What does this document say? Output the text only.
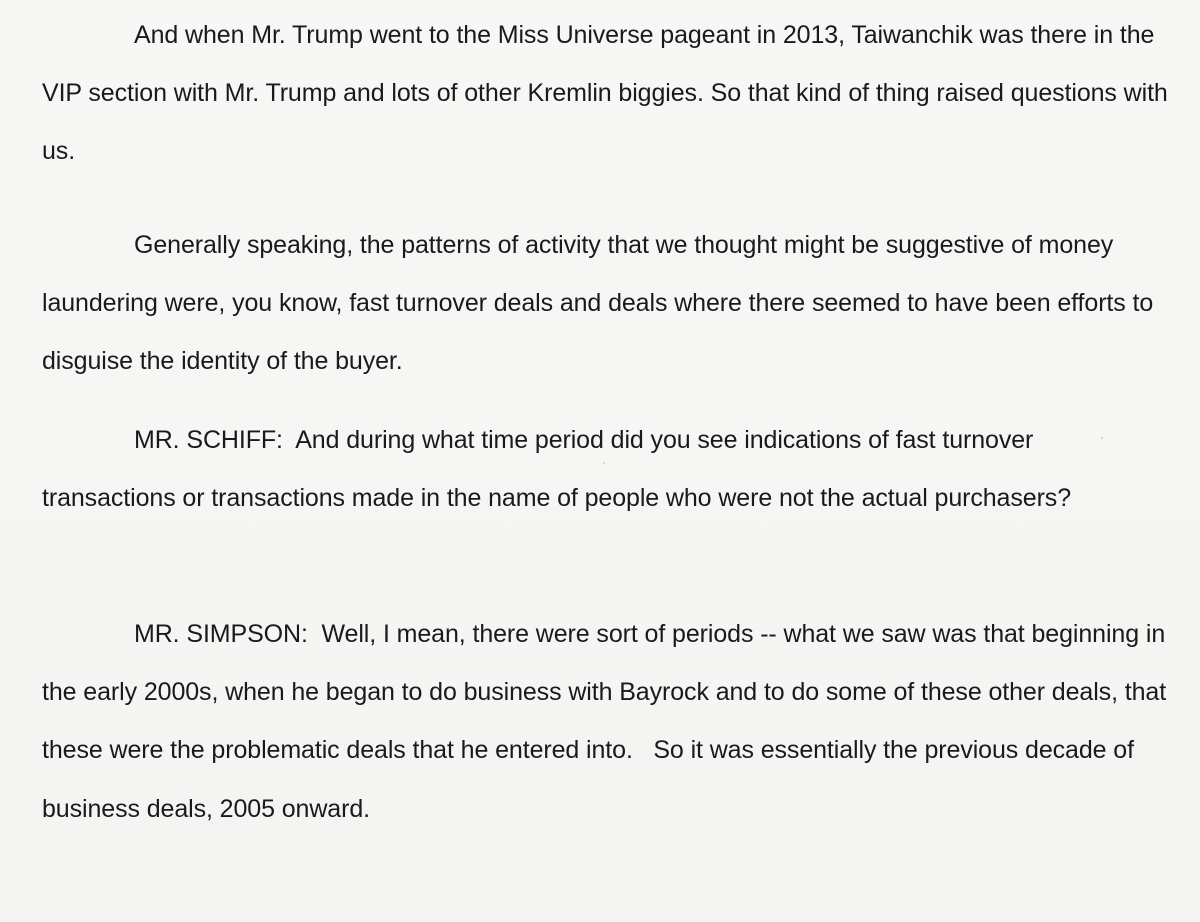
And when Mr. Trump went to the Miss Universe pageant in 2013, Taiwanchik was there in the VIP section with Mr. Trump and lots of other Kremlin biggies. So that kind of thing raised questions with us.

Generally speaking, the patterns of activity that we thought might be suggestive of money laundering were, you know, fast turnover deals and deals where there seemed to have been efforts to disguise the identity of the buyer.

MR. SCHIFF:  And during what time period did you see indications of fast turnover transactions or transactions made in the name of people who were not the actual purchasers?

MR. SIMPSON:  Well, I mean, there were sort of periods -- what we saw was that beginning in the early 2000s, when he began to do business with Bayrock and to do some of these other deals, that these were the problematic deals that he entered into.   So it was essentially the previous decade of business deals, 2005 onward.
